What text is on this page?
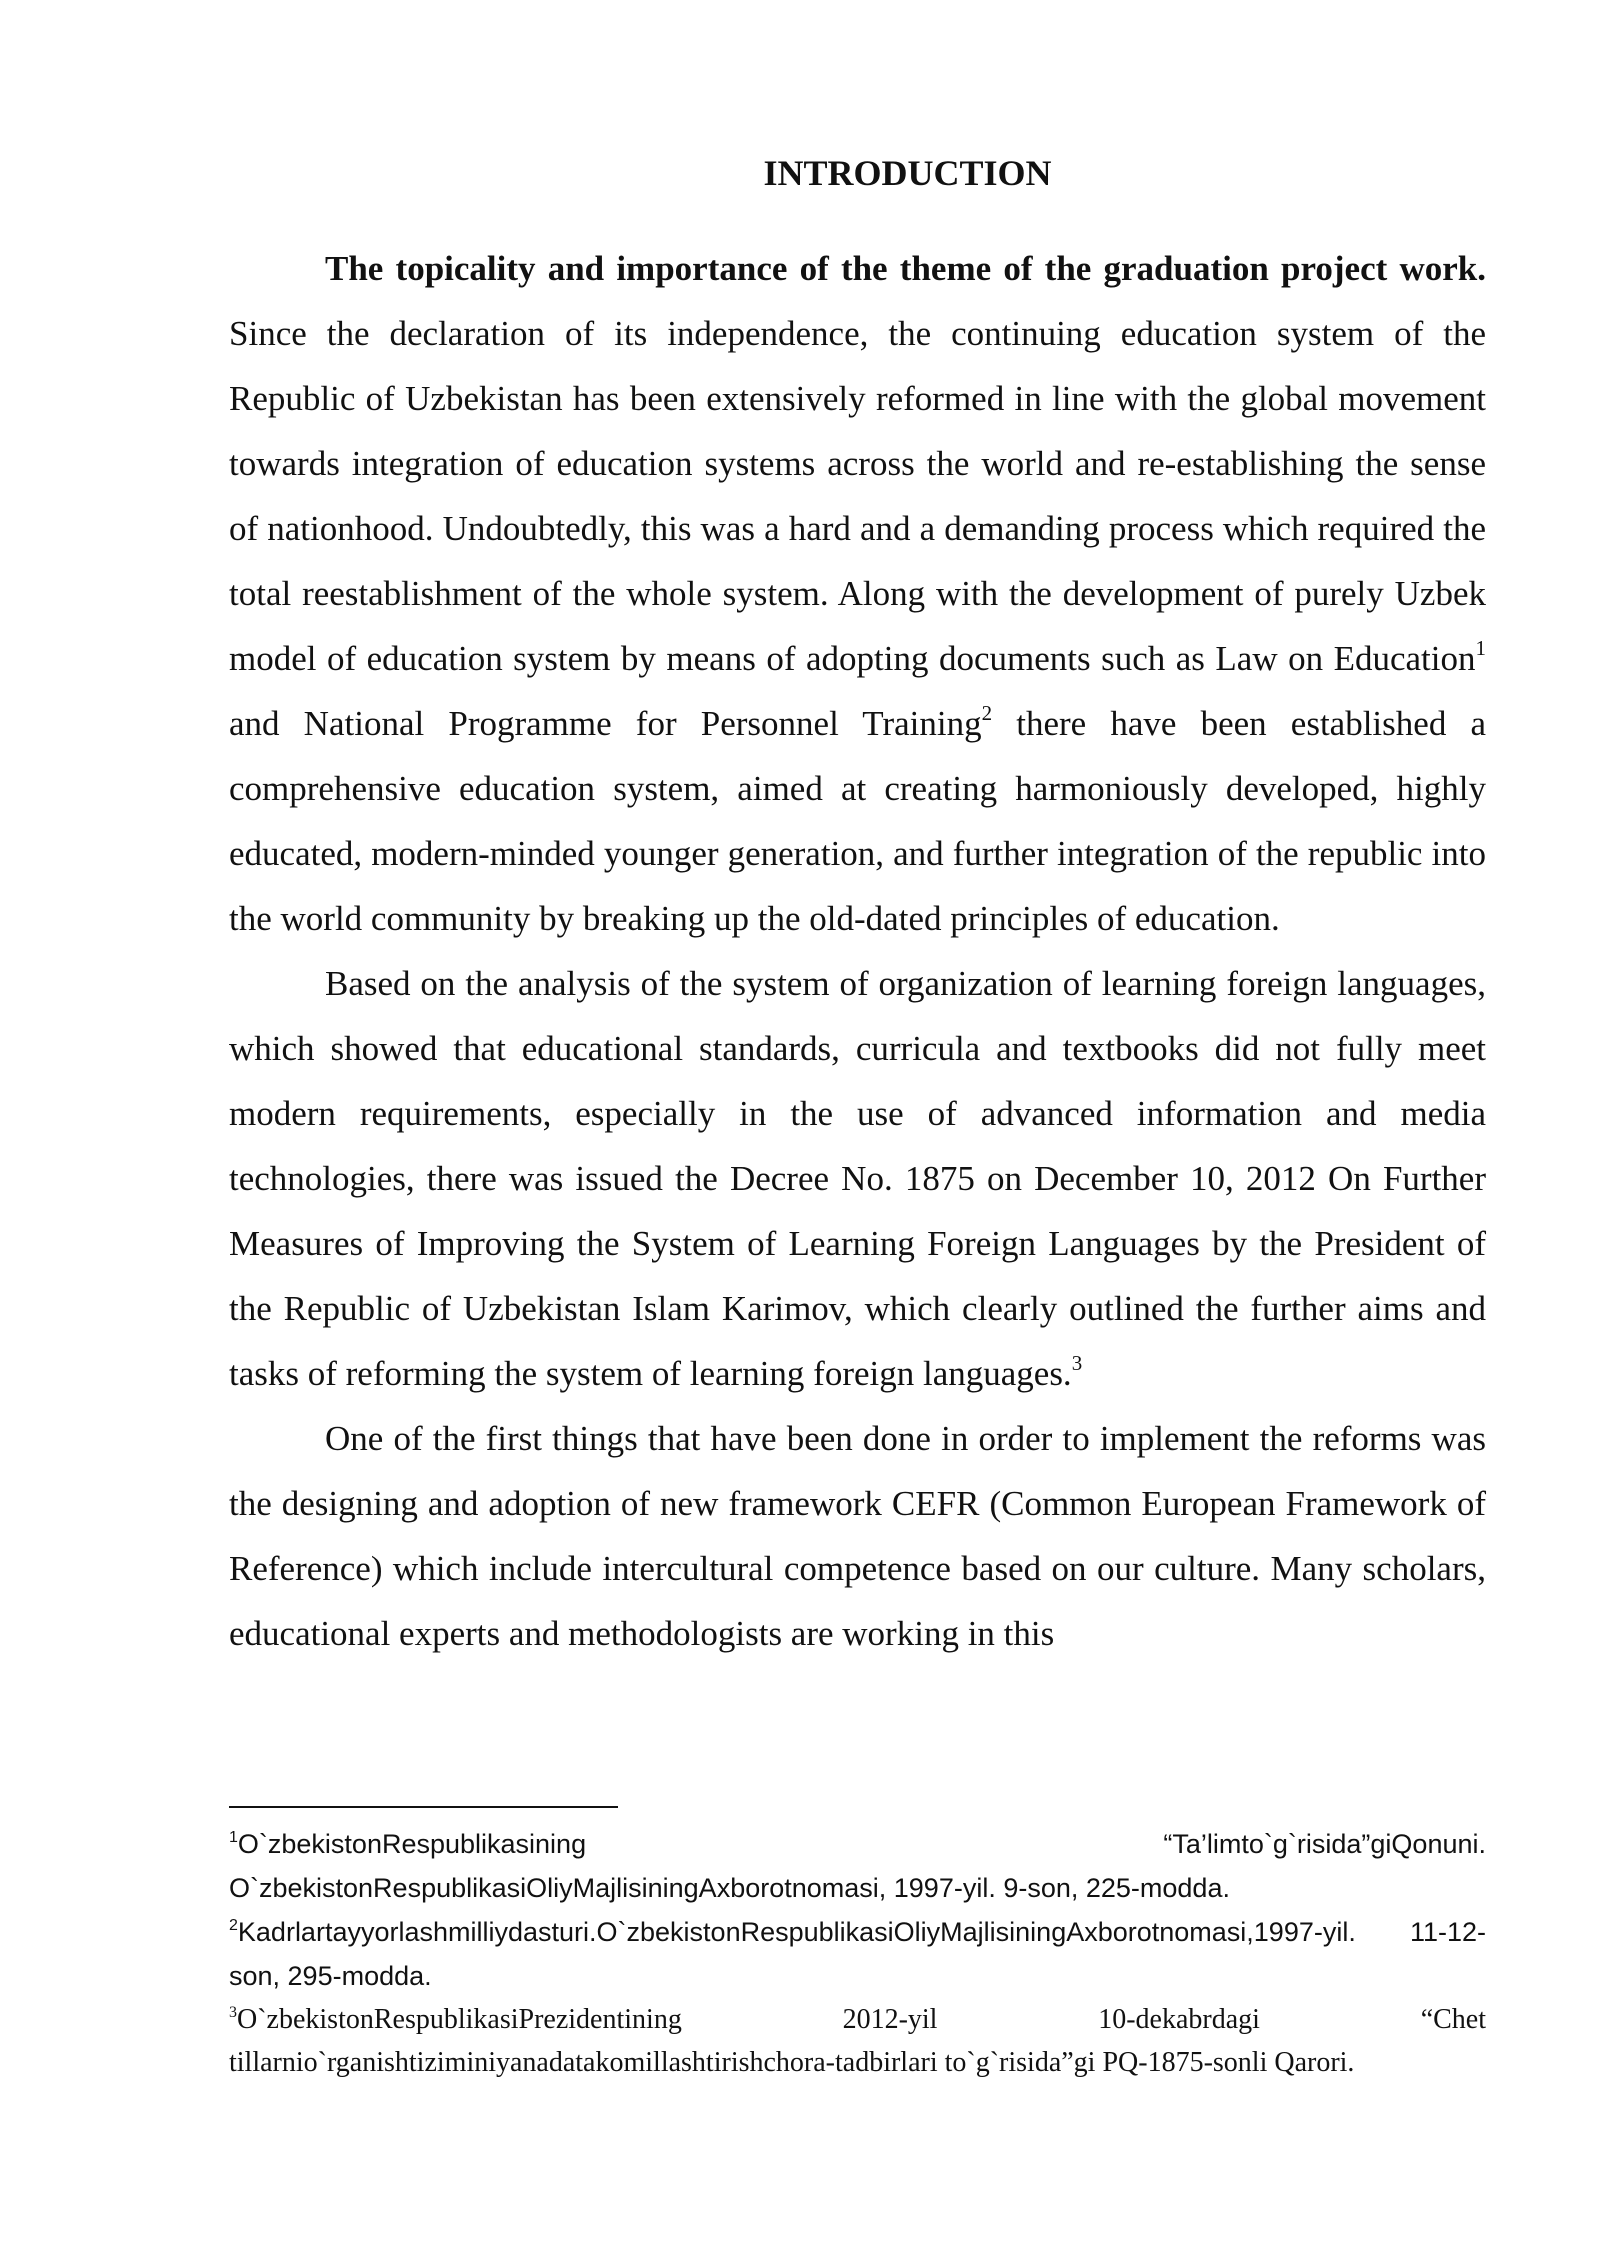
INTRODUCTION

The topicality and importance of the theme of the graduation project work. Since the declaration of its independence, the continuing education system of the Republic of Uzbekistan has been extensively reformed in line with the global movement towards integration of education systems across the world and re-establishing the sense of nationhood. Undoubtedly, this was a hard and a demanding process which required the total reestablishment of the whole system. Along with the development of purely Uzbek model of education system by means of adopting documents such as Law on Education$^1$ and National Programme for Personnel Training$^2$ there have been established a comprehensive education system, aimed at creating harmoniously developed, highly educated, modern-minded younger generation, and further integration of the republic into the world community by breaking up the old-dated principles of education.

Based on the analysis of the system of organization of learning foreign languages, which showed that educational standards, curricula and textbooks did not fully meet modern requirements, especially in the use of advanced information and media technologies, there was issued the Decree No. 1875 on December 10, 2012 On Further Measures of Improving the System of Learning Foreign Languages by the President of the Republic of Uzbekistan Islam Karimov, which clearly outlined the further aims and tasks of reforming the system of learning foreign languages.$^3$

One of the first things that have been done in order to implement the reforms was the designing and adoption of new framework CEFR (Common European Framework of Reference) which include intercultural competence based on our culture. Many scholars, educational experts and methodologists are working in this

$^1$O`zbekistonRespublikasining	“Ta’limto`g`risida”giQonuni.
O`zbekistonRespublikasiOliyMajlisiningAxborotnomasi, 1997-yil. 9-son, 225-modda.
$^2$Kadrlartayyorlashmilliydasturi.O`zbekistonRespublikasiOliyMajlisiningAxborotnomasi,1997-yil. 11-12-son, 295-modda.
$^3$O`zbekistonRespublikasiPrezidentining	2012-yil	10-dekabrdagi	“Chet
tillarnio`rganishtiziminiyanadatakomillashtirishchora-tadbirlari to`g`risida”gi PQ-1875-sonli Qarori.
